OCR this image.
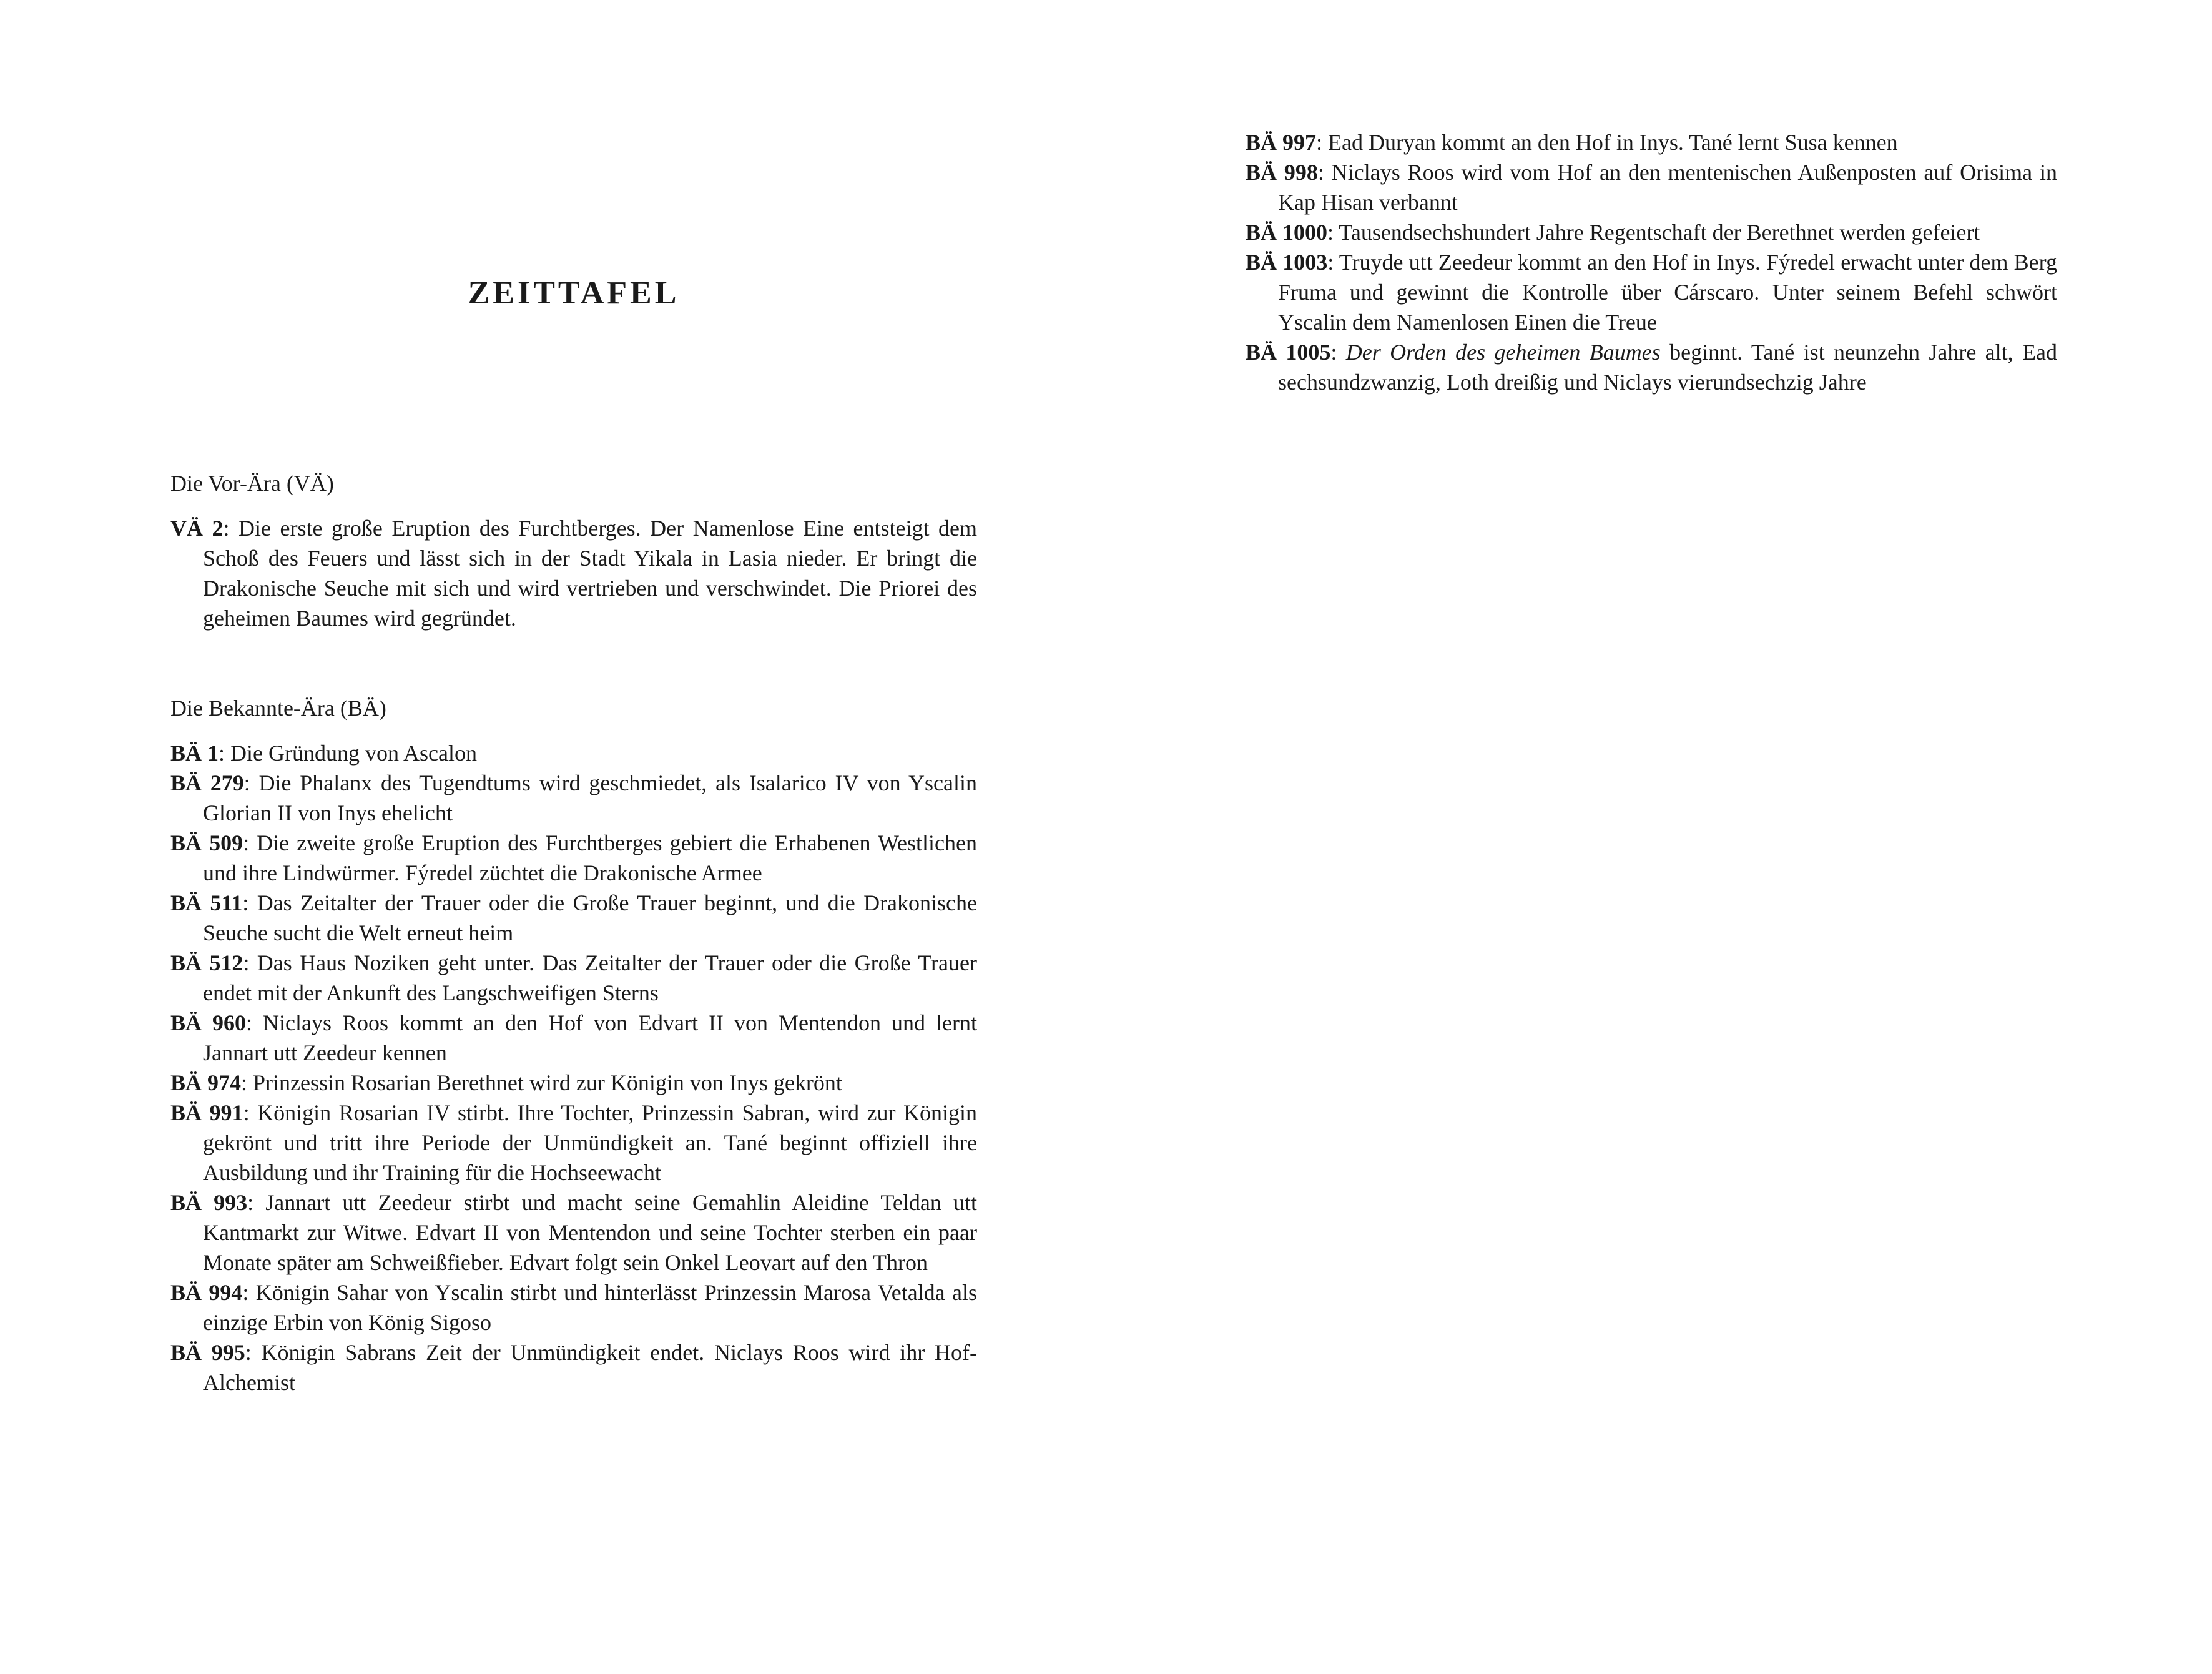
ZEITTAFEL
Die Vor-Ära (VÄ)

VÄ 2: Die erste große Eruption des Furchtberges. Der Namenlose Eine entsteigt dem Schoß des Feuers und lässt sich in der Stadt Yikala in Lasia nieder. Er bringt die Drakonische Seuche mit sich und wird vertrieben und verschwindet. Die Priorei des geheimen Baumes wird gegründet.

Die Bekannte-Ära (BÄ)

BÄ 1: Die Gründung von Ascalon

BÄ 279: Die Phalanx des Tugendtums wird geschmiedet, als Isalarico IV von Yscalin Glorian II von Inys ehelicht

BÄ 509: Die zweite große Eruption des Furchtberges gebiert die Erhabenen Westlichen und ihre Lindwürmer. Fýredel züchtet die Drakonische Armee

BÄ 511: Das Zeitalter der Trauer oder die Große Trauer beginnt, und die Drakonische Seuche sucht die Welt erneut heim

BÄ 512: Das Haus Noziken geht unter. Das Zeitalter der Trauer oder die Große Trauer endet mit der Ankunft des Langschweifigen Sterns

BÄ 960: Niclays Roos kommt an den Hof von Edvart II von Mentendon und lernt Jannart utt Zeedeur kennen

BÄ 974: Prinzessin Rosarian Berethnet wird zur Königin von Inys gekrönt

BÄ 991: Königin Rosarian IV stirbt. Ihre Tochter, Prinzessin Sabran, wird zur Königin gekrönt und tritt ihre Periode der Unmündigkeit an. Tané beginnt offiziell ihre Ausbildung und ihr Training für die Hochseewacht

BÄ 993: Jannart utt Zeedeur stirbt und macht seine Gemahlin Aleidine Teldan utt Kantmarkt zur Witwe. Edvart II von Mentendon und seine Tochter sterben ein paar Monate später am Schweißfieber. Edvart folgt sein Onkel Leovart auf den Thron

BÄ 994: Königin Sahar von Yscalin stirbt und hinterlässt Prinzessin Marosa Vetalda als einzige Erbin von König Sigoso

BÄ 995: Königin Sabrans Zeit der Unmündigkeit endet. Niclays Roos wird ihr Hof-Alchemist

BÄ 997: Ead Duryan kommt an den Hof in Inys. Tané lernt Susa kennen

BÄ 998: Niclays Roos wird vom Hof an den mentenischen Außenposten auf Orisima in Kap Hisan verbannt

BÄ 1000: Tausendsechshundert Jahre Regentschaft der Berethnet werden gefeiert

BÄ 1003: Truyde utt Zeedeur kommt an den Hof in Inys. Fýredel erwacht unter dem Berg Fruma und gewinnt die Kontrolle über Cárscaro. Unter seinem Befehl schwört Yscalin dem Namenlosen Einen die Treue

BÄ 1005: Der Orden des geheimen Baumes beginnt. Tané ist neunzehn Jahre alt, Ead sechsundzwanzig, Loth dreißig und Niclays vierundsechzig Jahre
